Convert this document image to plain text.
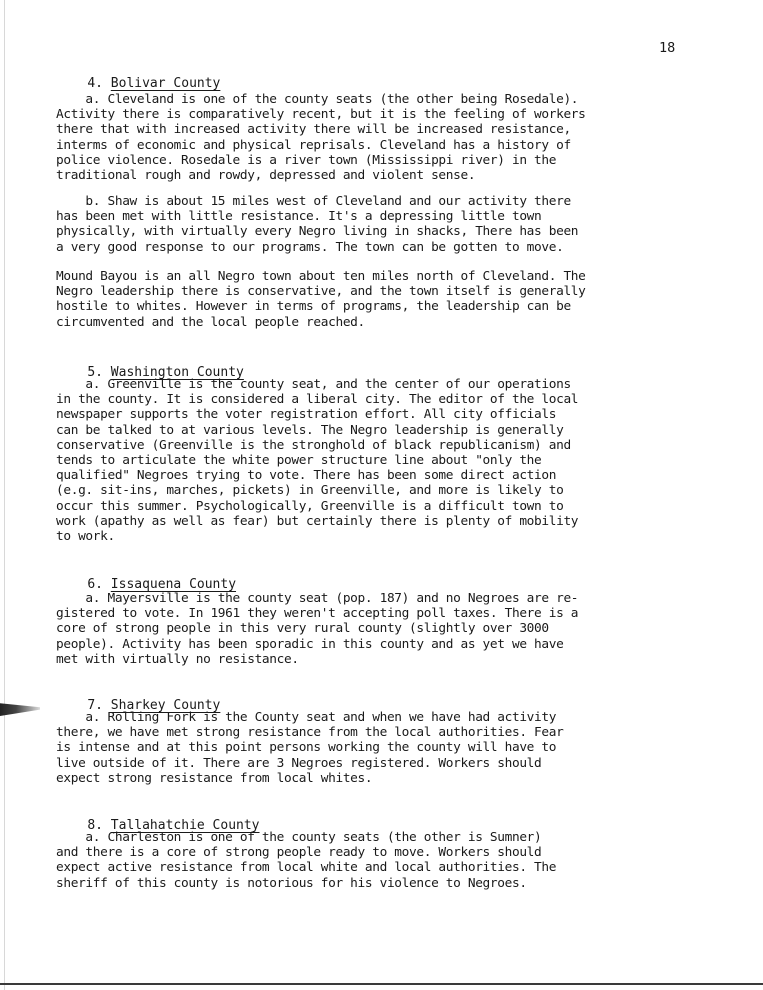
18

4. Bolivar County

a. Cleveland is one of the county seats (the other being Rosedale).
Activity there is comparatively recent, but it is the feeling of workers
there that with increased activity there will be increased resistance,
interms of economic and physical reprisals. Cleveland has a history of
police violence. Rosedale is a river town (Mississippi river) in the
traditional rough and rowdy, depressed and violent sense.
b. Shaw is about 15 miles west of Cleveland and our activity there
has been met with little resistance. It's a depressing little town
physically, with virtually every Negro living in shacks, There has been
a very good response to our programs. The town can be gotten to move.
Mound Bayou is an all Negro town about ten miles north of Cleveland. The
Negro leadership there is conservative, and the town itself is generally
hostile to whites. However in terms of programs, the leadership can be
circumvented and the local people reached.

5. Washington County

a. Greenville is the county seat, and the center of our operations
in the county. It is considered a liberal city. The editor of the local
newspaper supports the voter registration effort. All city officials
can be talked to at various levels. The Negro leadership is generally
conservative (Greenville is the stronghold of black republicanism) and
tends to articulate the white power structure line about "only the
qualified" Negroes trying to vote. There has been some direct action
(e.g. sit-ins, marches, pickets) in Greenville, and more is likely to
occur this summer. Psychologically, Greenville is a difficult town to
work (apathy as well as fear) but certainly there is plenty of mobility
to work.

6. Issaquena County

a. Mayersville is the county seat (pop. 187) and no Negroes are re-
gistered to vote. In 1961 they weren't accepting poll taxes. There is a
core of strong people in this very rural county (slightly over 3000
people). Activity has been sporadic in this county and as yet we have
met with virtually no resistance.

7. Sharkey County

a. Rolling Fork is the County seat and when we have had activity
there, we have met strong resistance from the local authorities. Fear
is intense and at this point persons working the county will have to
live outside of it. There are 3 Negroes registered. Workers should
expect strong resistance from local whites.

8. Tallahatchie County

a. Charleston is one of the county seats (the other is Sumner)
and there is a core of strong people ready to move. Workers should
expect active resistance from local white and local authorities. The
sheriff of this county is notorious for his violence to Negroes.
